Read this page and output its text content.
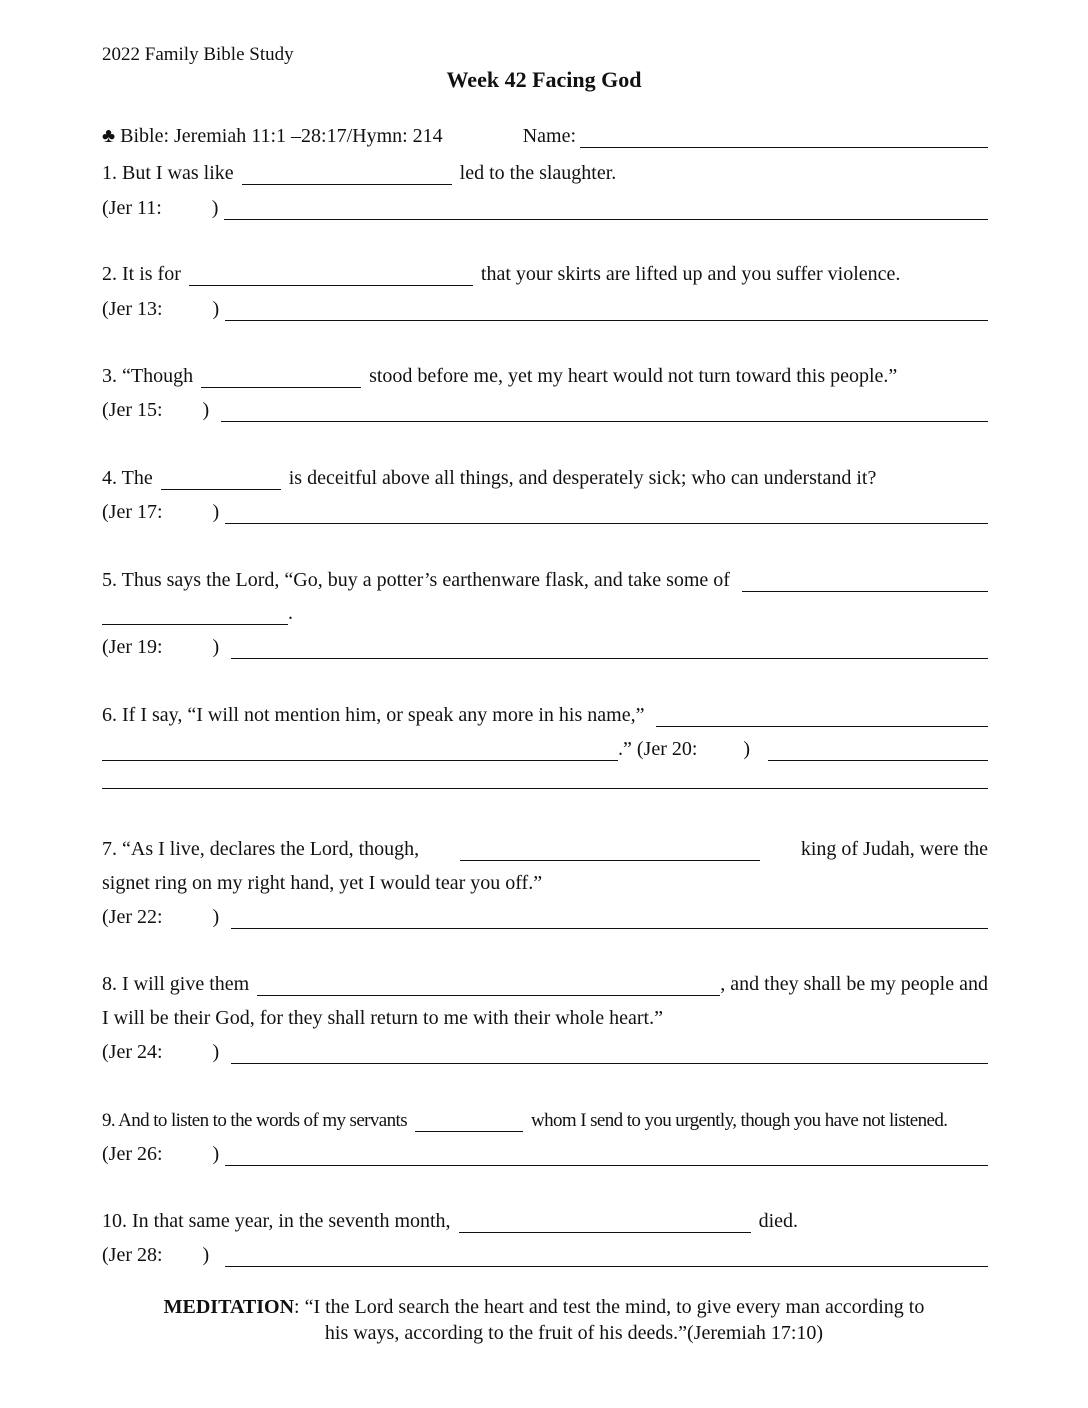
2022 Family Bible Study
Week 42 Facing God
♣ Bible: Jeremiah 11:1 –28:17/Hymn: 214	Name:
1. But I was like	led to the slaughter.
(Jer 11:	)
2. It is for	that your skirts are lifted up and you suffer violence.
(Jer 13:	)
3. “Though	stood before me, yet my heart would not turn toward this people.”
(Jer 15: )
4. The	is deceitful above all things, and desperately sick; who can understand it?
(Jer 17:	)
5. Thus says the Lord, “Go, buy a potter’s earthenware flask, and take some of
.
(Jer 19:	)
6. If I say, “I will not mention him, or speak any more in his name,”
.” (Jer 20: )
7. “As I live, declares the Lord, though,	king of Judah, were the
signet ring on my right hand, yet I would tear you off.”
(Jer 22:	)
8. I will give them	, and they shall be my people and
I will be their God, for they shall return to me with their whole heart.”
(Jer 24:	)
9. And to listen to the words of my servants	whom I send to you urgently, though you have not listened.
(Jer 26:	)
10. In that same year, in the seventh month,	died.
(Jer 28: )
MEDITATION: “I the Lord search the heart and test the mind, to give every man according to
his ways, according to the fruit of his deeds.”(Jeremiah 17:10)
